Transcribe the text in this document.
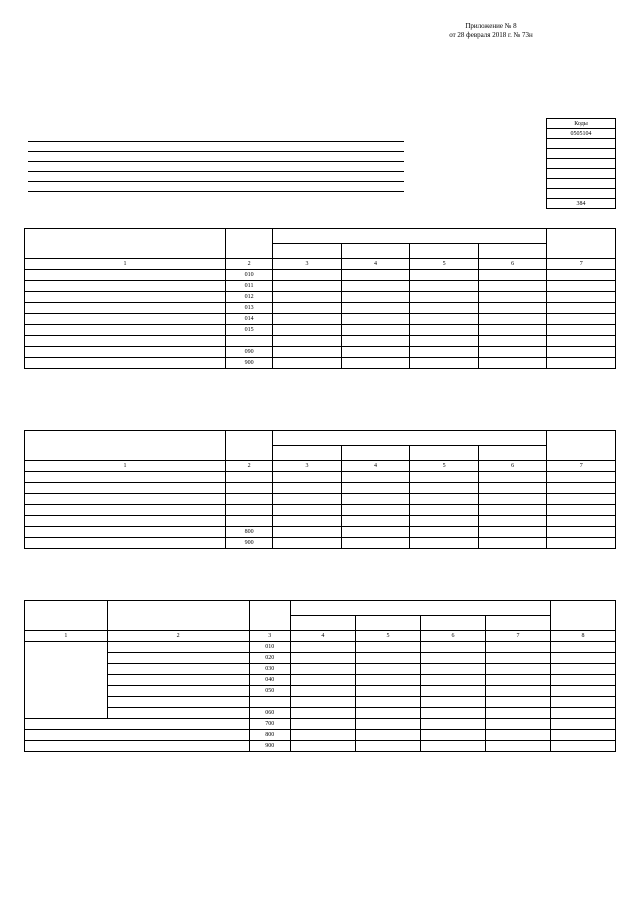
Приложение № 8
от 28 февраля 2018 г. № 73н
	Коды
	0505104

	384

1	2	3	4	5	6	7
	010					
	011					
	012					
	013					
	014					
	015					

	090					
	900					

1	2	3	4	5	6	7

	800					
	900					

1	2	3	4	5	6	7	8
		010					
		020					
		030					
		040					
		050					

		060					
		700					
		800					
		900					
